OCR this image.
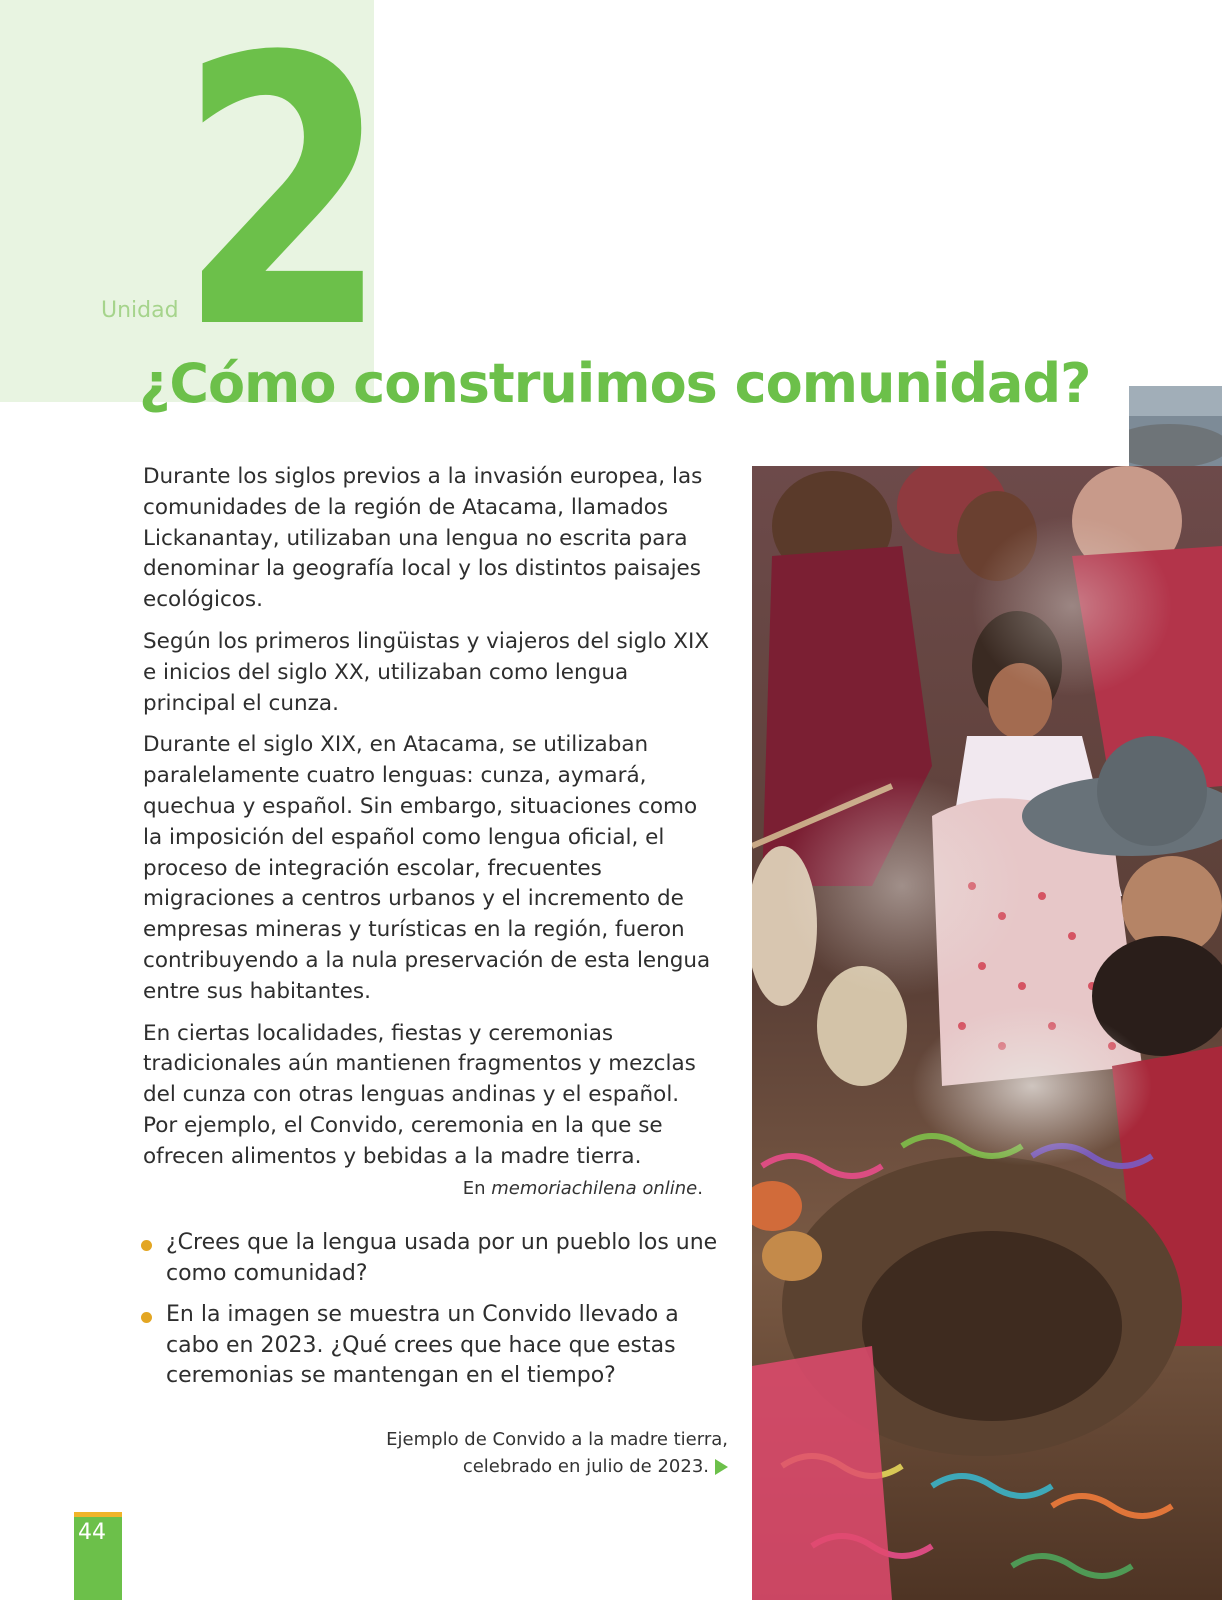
2
Unidad
¿Cómo construimos comunidad?

Durante los siglos previos a la invasión europea, las comunidades de la región de Atacama, llamados Lickanantay, utilizaban una lengua no escrita para denominar la geografía local y los distintos paisajes ecológicos.

Según los primeros lingüistas y viajeros del siglo XIX e inicios del siglo XX, utilizaban como lengua principal el cunza.

Durante el siglo XIX, en Atacama, se utilizaban paralelamente cuatro lenguas: cunza, aymará, quechua y español. Sin embargo, situaciones como la imposición del español como lengua oficial, el proceso de integración escolar, frecuentes migraciones a centros urbanos y el incremento de empresas mineras y turísticas en la región, fueron contribuyendo a la nula preservación de esta lengua entre sus habitantes.

En ciertas localidades, fiestas y ceremonias tradicionales aún mantienen fragmentos y mezclas del cunza con otras lenguas andinas y el español. Por ejemplo, el Convido, ceremonia en la que se ofrecen alimentos y bebidas a la madre tierra.

En memoriachilena online.

¿Crees que la lengua usada por un pueblo los une como comunidad?
En la imagen se muestra un Convido llevado a cabo en 2023. ¿Qué crees que hace que estas ceremonias se mantengan en el tiempo?
Ejemplo de Convido a la madre tierra,
celebrado en julio de 2023.
44
